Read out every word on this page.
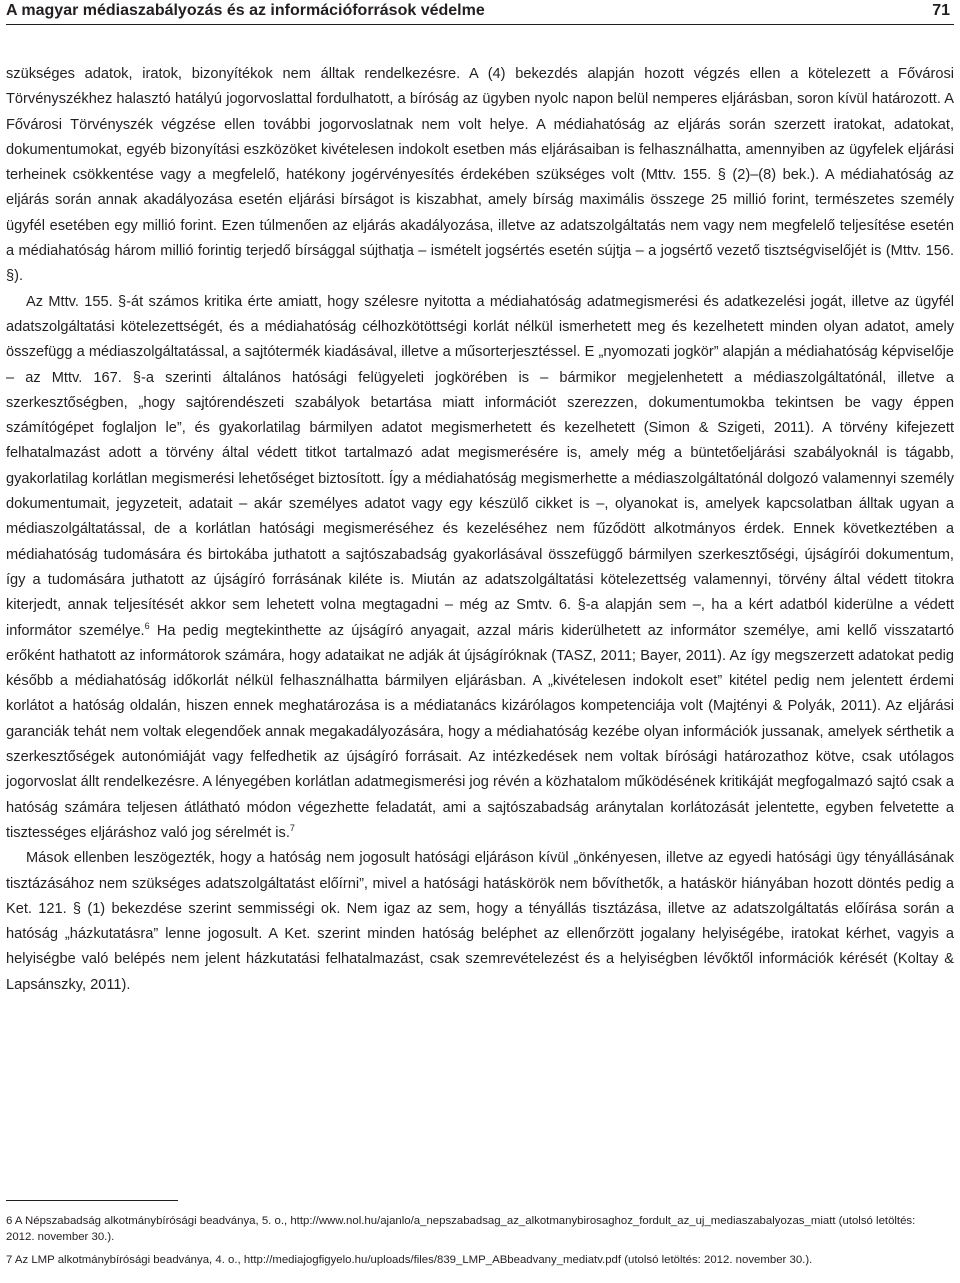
A magyar médiaszabályozás és az információforrások védelme	71

szükséges adatok, iratok, bizonyítékok nem álltak rendelkezésre. A (4) bekezdés alapján hozott végzés ellen a kötelezett a Fővárosi Törvényszékhez halasztó hatályú jogorvoslattal fordulhatott, a bíróság az ügyben nyolc napon belül nemperes eljárásban, soron kívül határozott. A Fővárosi Törvényszék végzése ellen további jogorvoslatnak nem volt helye. A médiahatóság az eljárás során szerzett iratokat, adatokat, dokumentumokat, egyéb bizonyítási eszközöket kivételesen indokolt esetben más eljárásaiban is felhasználhatta, amennyiben az ügyfelek eljárási terheinek csökkentése vagy a megfelelő, hatékony jogérvényesítés érdekében szükséges volt (Mttv. 155. § (2)–(8) bek.). A médiahatóság az eljárás során annak akadályozása esetén eljárási bírságot is kiszabhat, amely bírság maximális összege 25 millió forint, természetes személy ügyfél esetében egy millió forint. Ezen túlmenően az eljárás akadályozása, illetve az adatszolgáltatás nem vagy nem megfelelő teljesítése esetén a médiahatóság három millió forintig terjedő bírsággal sújthatja – ismételt jogsértés esetén sújtja – a jogsértő vezető tisztségviselőjét is (Mttv. 156. §).

Az Mttv. 155. §-át számos kritika érte amiatt, hogy szélesre nyitotta a médiahatóság adatmegismerési és adatkezelési jogát, illetve az ügyfél adatszolgáltatási kötelezettségét, és a médiahatóság célhozkötöttségi korlát nélkül ismerhetett meg és kezelhetett minden olyan adatot, amely összefügg a médiaszolgáltatással, a sajtótermék kiadásával, illetve a műsorterjesztéssel. E „nyomozati jogkör” alapján a médiahatóság képviselője – az Mttv. 167. §-a szerinti általános hatósági felügyeleti jogkörében is – bármikor megjelenhetett a médiaszolgáltatónál, illetve a szerkesztőségben, „hogy sajtórendészeti szabályok betartása miatt információt szerezzen, dokumentumokba tekintsen be vagy éppen számítógépet foglaljon le”, és gyakorlatilag bármilyen adatot megismerhetett és kezelhetett (Simon & Szigeti, 2011). A törvény kifejezett felhatalmazást adott a törvény által védett titkot tartalmazó adat megismerésére is, amely még a büntetőeljárási szabályoknál is tágabb, gyakorlatilag korlátlan megismerési lehetőséget biztosított. Így a médiahatóság megismerhette a médiaszolgáltatónál dolgozó valamennyi személy dokumentumait, jegyzeteit, adatait – akár személyes adatot vagy egy készülő cikket is –, olyanokat is, amelyek kapcsolatban álltak ugyan a médiaszolgáltatással, de a korlátlan hatósági megismeréséhez és kezeléséhez nem fűződött alkotmányos érdek. Ennek következtében a médiahatóság tudomására és birtokába juthatott a sajtószabadság gyakorlásával összefüggő bármilyen szerkesztőségi, újságírói dokumentum, így a tudomására juthatott az újságíró forrásának kiléte is. Miután az adatszolgáltatási kötelezettség valamennyi, törvény által védett titokra kiterjedt, annak teljesítését akkor sem lehetett volna megtagadni – még az Smtv. 6. §-a alapján sem –, ha a kért adatból kiderülne a védett informátor személye.$^6$ Ha pedig megtekinthette az újságíró anyagait, azzal máris kiderülhetett az informátor személye, ami kellő visszatartó erőként hathatott az informátorok számára, hogy adataikat ne adják át újságíróknak (TASZ, 2011; Bayer, 2011). Az így megszerzett adatokat pedig később a médiahatóság időkorlát nélkül felhasználhatta bármilyen eljárásban. A „kivételesen indokolt eset” kitétel pedig nem jelentett érdemi korlátot a hatóság oldalán, hiszen ennek meghatározása is a médiatanács kizárólagos kompetenciája volt (Majtényi & Polyák, 2011). Az eljárási garanciák tehát nem voltak elegendőek annak megakadályozására, hogy a médiahatóság kezébe olyan információk jussanak, amelyek sérthetik a szerkesztőségek autonómiáját vagy felfedhetik az újságíró forrásait. Az intézkedések nem voltak bírósági határozathoz kötve, csak utólagos jogorvoslat állt rendelkezésre. A lényegében korlátlan adatmegismerési jog révén a közhatalom működésének kritikáját megfogalmazó sajtó csak a hatóság számára teljesen átlátható módon végezhette feladatát, ami a sajtószabadság aránytalan korlátozását jelentette, egyben felvetette a tisztességes eljáráshoz való jog sérelmét is.$^7$

Mások ellenben leszögezték, hogy a hatóság nem jogosult hatósági eljáráson kívül „önkényesen, illetve az egyedi hatósági ügy tényállásának tisztázásához nem szükséges adatszolgáltatást előírni”, mivel a hatósági hatáskörök nem bővíthetők, a hatáskör hiányában hozott döntés pedig a Ket. 121. § (1) bekezdése szerint semmisségi ok. Nem igaz az sem, hogy a tényállás tisztázása, illetve az adatszolgáltatás előírása során a hatóság „házkutatásra” lenne jogosult. A Ket. szerint minden hatóság beléphet az ellenőrzött jogalany helyiségébe, iratokat kérhet, vagyis a helyiségbe való belépés nem jelent házkutatási felhatalmazást, csak szemrevételezést és a helyiségben lévőktől információk kérését (Koltay & Lapsánszky, 2011).

6 A Népszabadság alkotmánybírósági beadványa, 5. o., http://www.nol.hu/ajanlo/a_nepszabadsag_az_alkotmanybirosaghoz_fordult_az_uj_mediaszabalyozas_miatt (utolsó letöltés: 2012. november 30.).

7 Az LMP alkotmánybírósági beadványa, 4. o., http://mediajogfigyelo.hu/uploads/files/839_LMP_ABbeadvany_mediatv.pdf (utolsó letöltés: 2012. november 30.).
